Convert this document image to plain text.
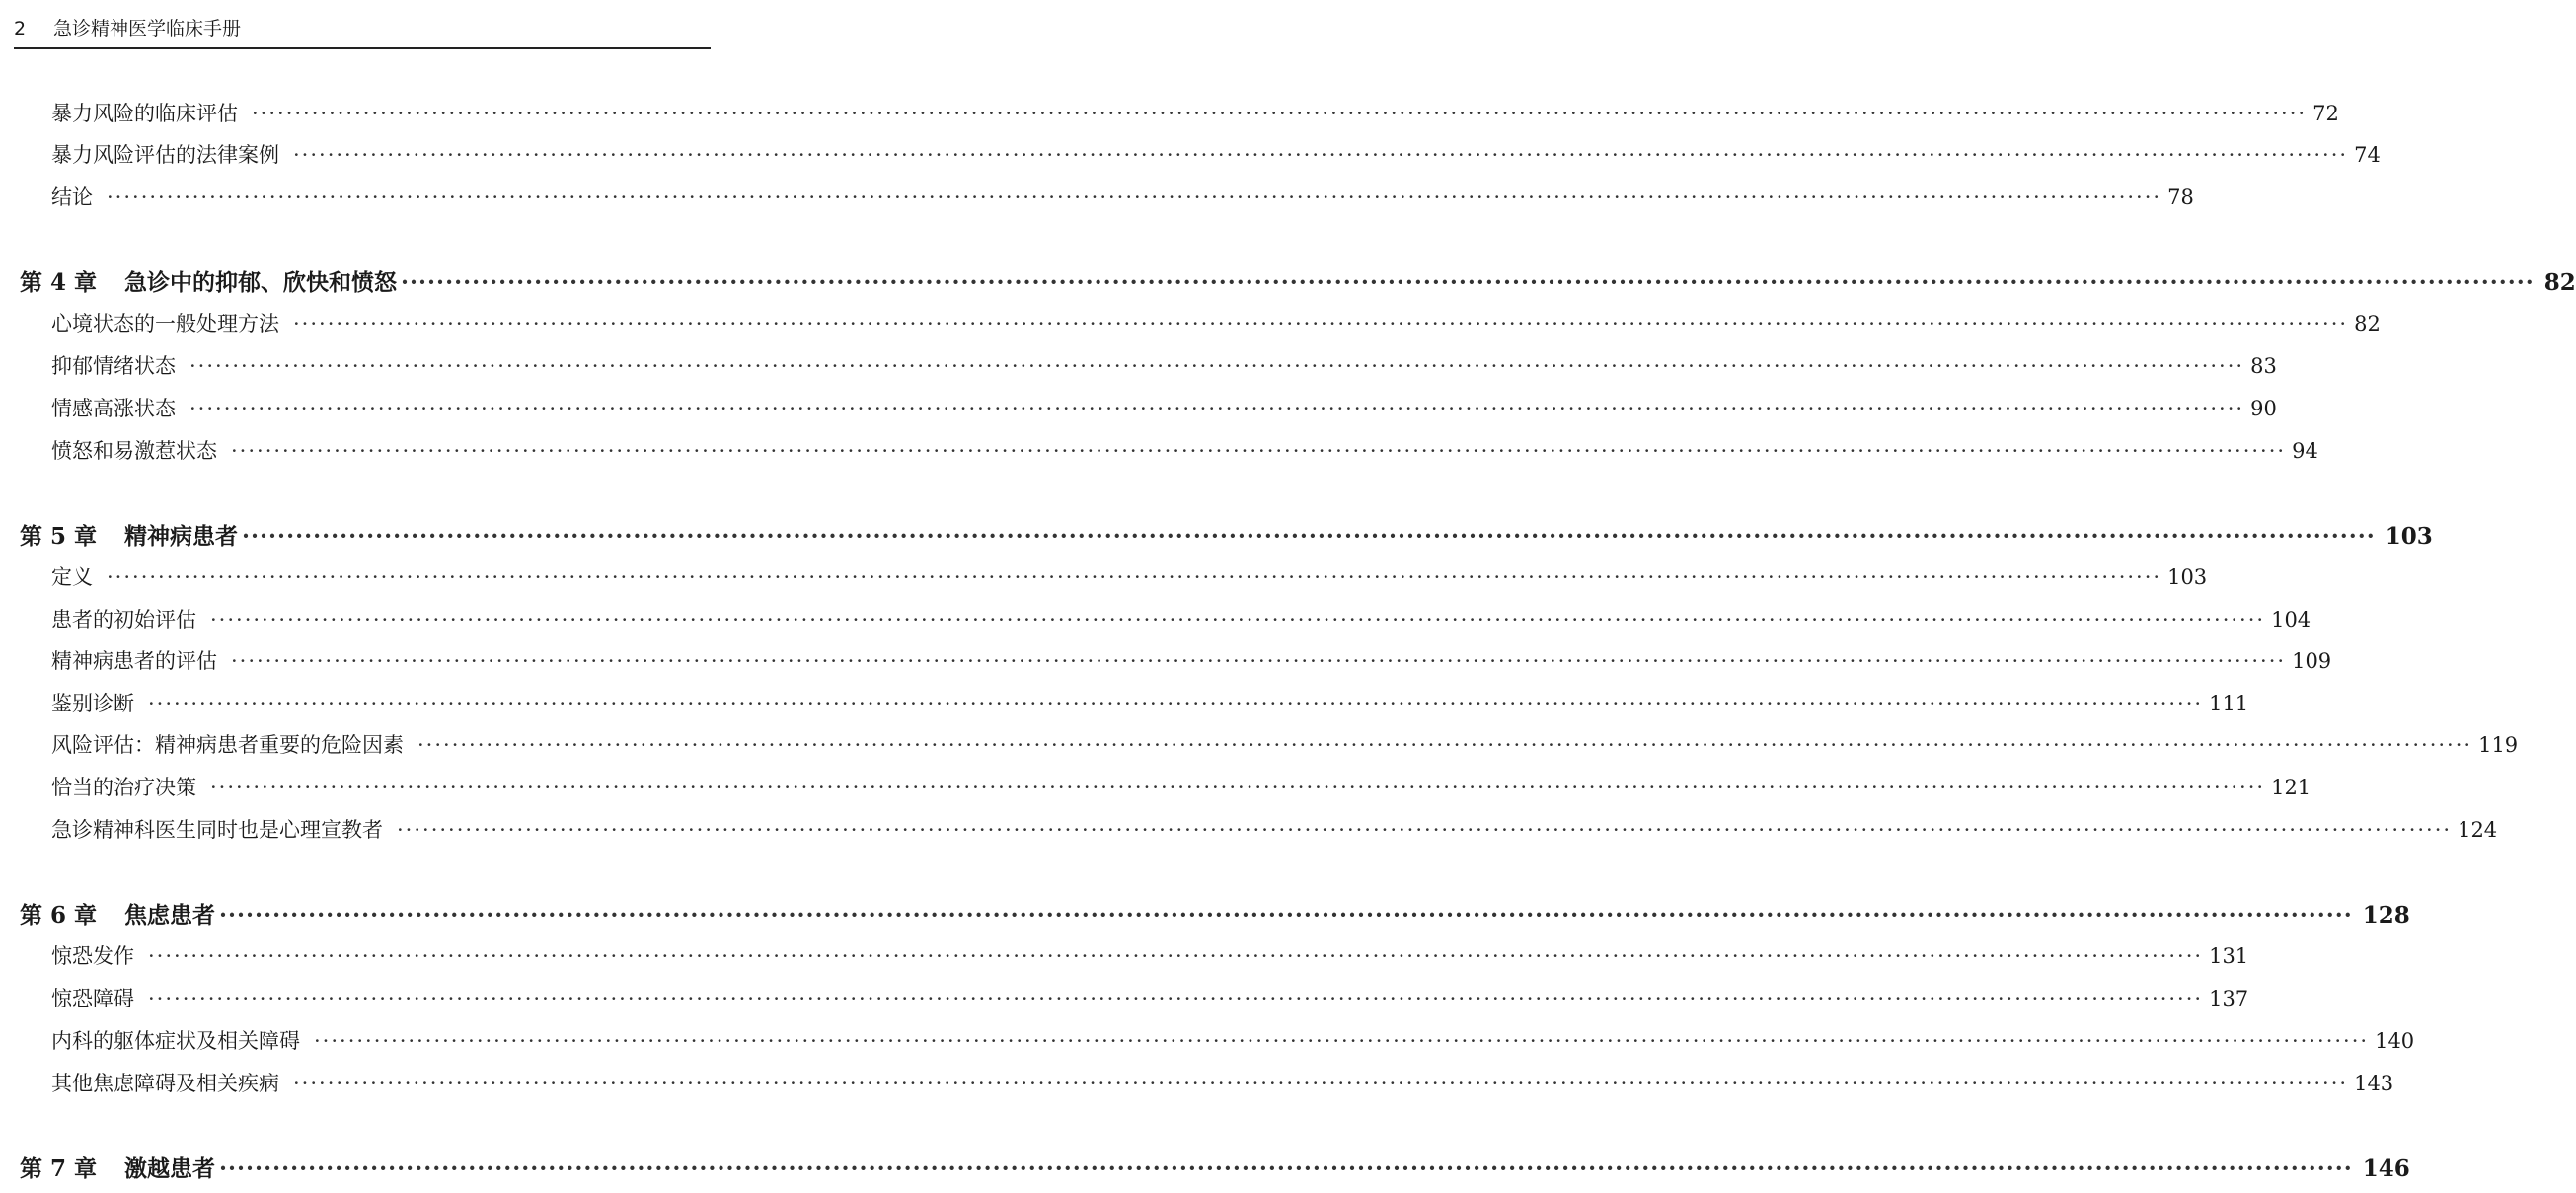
2 急诊精神医学临床手册
暴力风险的临床评估 ················································································································································································································································ 72
暴力风险评估的法律案例 ················································································································································································································································ 74
结论 ················································································································································································································································ 78
第 4 章 急诊中的抑郁、欣快和愤怒 ················································································································································································································································ 82
心境状态的一般处理方法 ················································································································································································································································ 82
抑郁情绪状态 ················································································································································································································································ 83
情感高涨状态 ················································································································································································································································ 90
愤怒和易激惹状态 ················································································································································································································································ 94
第 5 章 精神病患者 ················································································································································································································································ 103
定义 ················································································································································································································································ 103
患者的初始评估 ················································································································································································································································ 104
精神病患者的评估 ················································································································································································································································ 109
鉴别诊断 ················································································································································································································································ 111
风险评估：精神病患者重要的危险因素 ················································································································································································································································ 119
恰当的治疗决策 ················································································································································································································································ 121
急诊精神科医生同时也是心理宣教者 ················································································································································································································································ 124
第 6 章 焦虑患者 ················································································································································································································································ 128
惊恐发作 ················································································································································································································································ 131
惊恐障碍 ················································································································································································································································ 137
内科的躯体症状及相关障碍 ················································································································································································································································ 140
其他焦虑障碍及相关疾病 ················································································································································································································································ 143
第 7 章 激越患者 ················································································································································································································································ 146
